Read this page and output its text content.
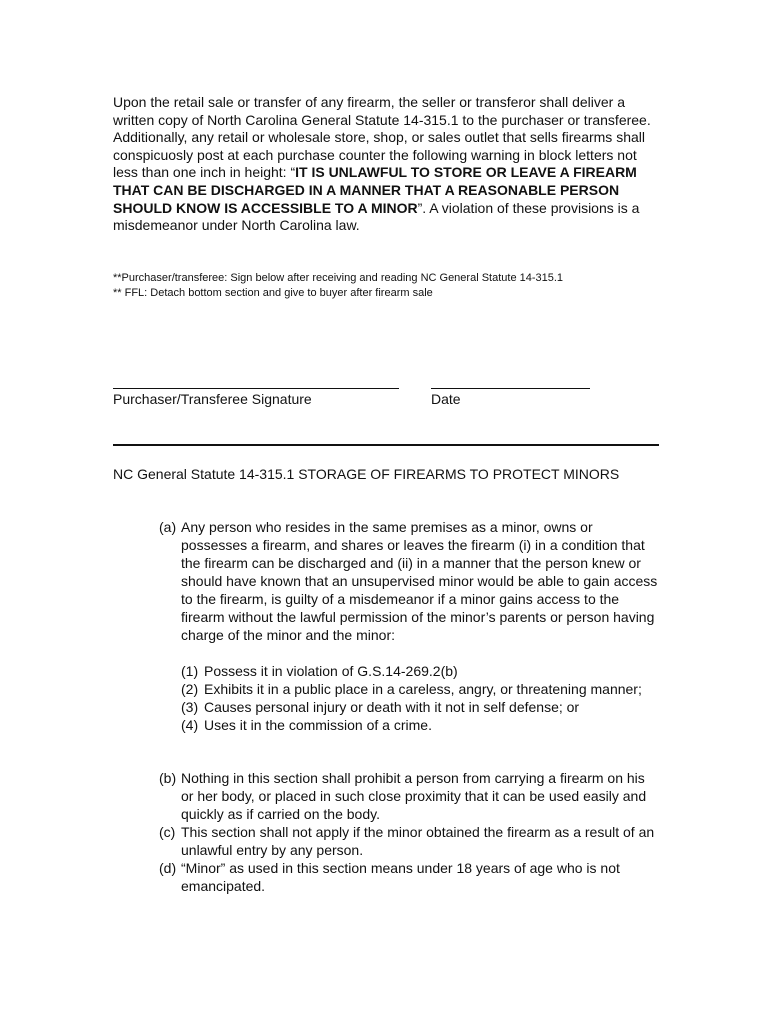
Upon the retail sale or transfer of any firearm, the seller or transferor shall deliver a written copy of North Carolina General Statute 14-315.1 to the purchaser or transferee. Additionally, any retail or wholesale store, shop, or sales outlet that sells firearms shall conspicuosly post at each purchase counter the following warning in block letters not less than one inch in height: “IT IS UNLAWFUL TO STORE OR LEAVE A FIREARM THAT CAN BE DISCHARGED IN A MANNER THAT A REASONABLE PERSON SHOULD KNOW IS ACCESSIBLE TO A MINOR”. A violation of these provisions is a misdemeanor under North Carolina law.

**Purchaser/transferee: Sign below after receiving and reading NC General Statute 14-315.1
** FFL: Detach bottom section and give to buyer after firearm sale
Purchaser/Transferee Signature	Date

NC General Statute 14-315.1 STORAGE OF FIREARMS TO PROTECT MINORS

(a) Any person who resides in the same premises as a minor, owns or possesses a firearm, and shares or leaves the firearm (i) in a condition that the firearm can be discharged and (ii) in a manner that the person knew or should have known that an unsupervised minor would be able to gain access to the firearm, is guilty of a misdemeanor if a minor gains access to the firearm without the lawful permission of the minor’s parents or person having charge of the minor and the minor:
(1) Possess it in violation of G.S.14-269.2(b)
(2) Exhibits it in a public place in a careless, angry, or threatening manner;
(3) Causes personal injury or death with it not in self defense; or
(4) Uses it in the commission of a crime.
(b) Nothing in this section shall prohibit a person from carrying a firearm on his or her body, or placed in such close proximity that it can be used easily and quickly as if carried on the body.
(c) This section shall not apply if the minor obtained the firearm as a result of an unlawful entry by any person.
(d) “Minor” as used in this section means under 18 years of age who is not emancipated.
